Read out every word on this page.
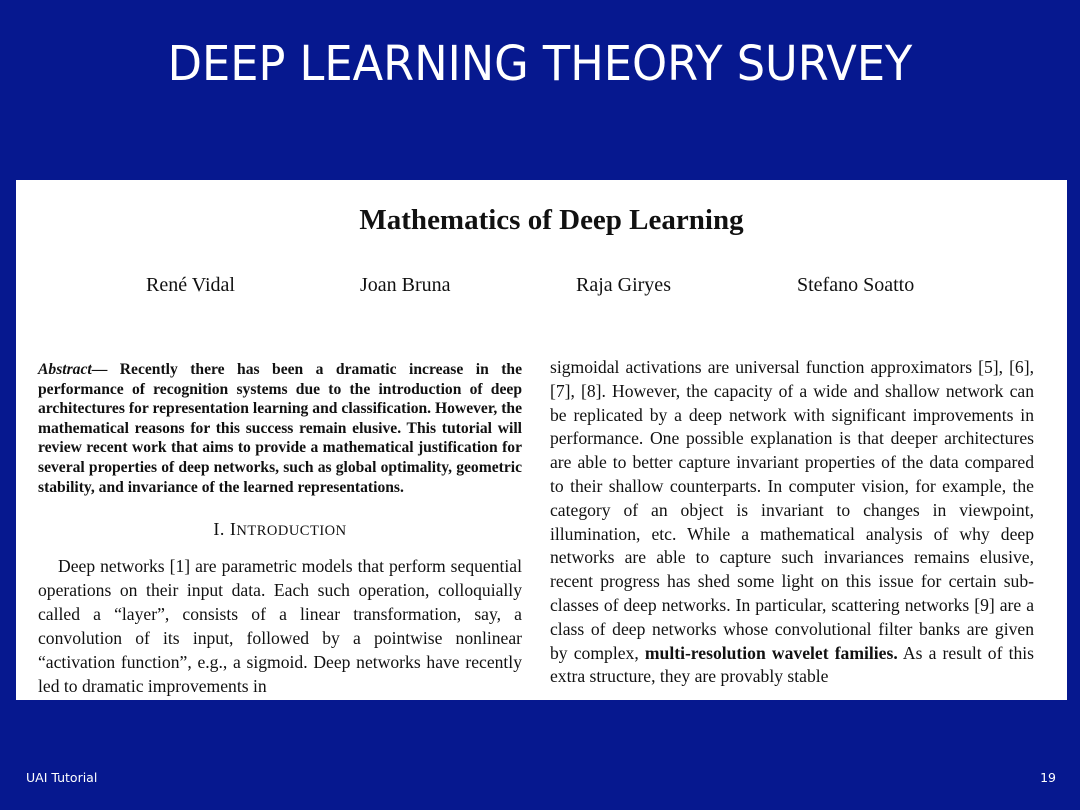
DEEP LEARNING THEORY SURVEY
Mathematics of Deep Learning
René Vidal	Joan Bruna	Raja Giryes	Stefano Soatto

Abstract— Recently there has been a dramatic increase in the performance of recognition systems due to the introduction of deep architectures for representation learning and classification. However, the mathematical reasons for this success remain elusive. This tutorial will review recent work that aims to provide a mathematical justification for several properties of deep networks, such as global optimality, geometric stability, and invariance of the learned representations.

I. INTRODUCTION

Deep networks [1] are parametric models that perform sequential operations on their input data. Each such operation, colloquially called a “layer”, consists of a linear transformation, say, a convolution of its input, followed by a pointwise nonlinear “activation function”, e.g., a sigmoid. Deep networks have recently led to dramatic improvements in

sigmoidal activations are universal function approximators [5], [6], [7], [8]. However, the capacity of a wide and shallow network can be replicated by a deep network with significant improvements in performance. One possible explanation is that deeper architectures are able to better capture invariant properties of the data compared to their shallow counterparts. In computer vision, for example, the category of an object is invariant to changes in viewpoint, illumination, etc. While a mathematical analysis of why deep networks are able to capture such invariances remains elusive, recent progress has shed some light on this issue for certain sub-classes of deep networks. In particular, scattering networks [9] are a class of deep networks whose convolutional filter banks are given by complex, multi-resolution wavelet families. As a result of this extra structure, they are provably stable

UAI Tutorial	19
